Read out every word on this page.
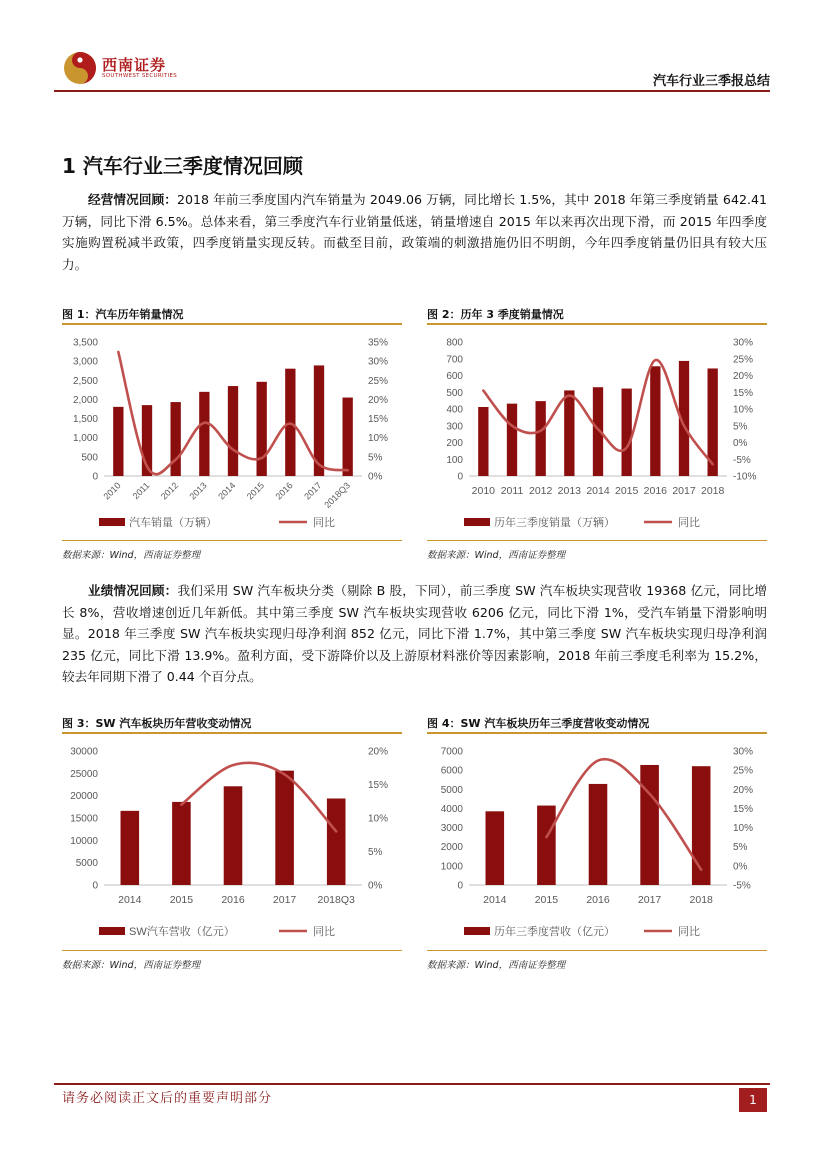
西南证券
SOUTHWEST SECURITIES	汽车行业三季报总结
1 汽车行业三季度情况回顾
经营情况回顾：2018 年前三季度国内汽车销量为 2049.06 万辆，同比增长 1.5%，其中 2018 年第三季度销量 642.41 万辆，同比下滑 6.5%。总体来看，第三季度汽车行业销量低迷，销量增速自 2015 年以来再次出现下滑，而 2015 年四季度实施购置税减半政策，四季度销量实现反转。而截至目前，政策端的刺激措施仍旧不明朗，今年四季度销量仍旧具有较大压力。
图 1：汽车历年销量情况
0
500
1,000
1,500
2,000
2,500
3,000
3,500
0%
5%
10%
15%
20%
25%
30%
35%
2010 2011 2012 2013 2014 2015 2016 2017
2018Q3
汽车销量（万辆）	同比
数据来源：Wind，西南证券整理
图 2：历年 3 季度销量情况
0
100
200
300
400
500
600
700
800
-10%
-5%
0%
5%
10%
15%
20%
25%
30%
2010 2011 2012 2013 2014 2015 2016 2017 2018
历年三季度销量（万辆）	同比
数据来源：Wind，西南证券整理
业绩情况回顾：我们采用 SW 汽车板块分类（剔除 B 股，下同），前三季度 SW 汽车板块实现营收 19368 亿元，同比增长 8%，营收增速创近几年新低。其中第三季度 SW 汽车板块实现营收 6206 亿元，同比下滑 1%，受汽车销量下滑影响明显。2018 年三季度 SW 汽车板块实现归母净利润 852 亿元，同比下滑 1.7%，其中第三季度 SW 汽车板块实现归母净利润 235 亿元，同比下滑 13.9%。盈利方面，受下游降价以及上游原材料涨价等因素影响，2018 年前三季度毛利率为 15.2%，较去年同期下滑了 0.44 个百分点。
图 3：SW 汽车板块历年营收变动情况
0
5000
10000
15000
20000
25000
30000
0%
5%
10%
15%
20%
2014	2015	2016	2017 2018Q3
SW汽车营收（亿元）	同比
数据来源：Wind，西南证券整理
图 4：SW 汽车板块历年三季度营收变动情况
0
1000
2000
3000
4000
5000
6000
7000
-5%
0%
5%
10%
15%
20%
25%
30%
2014	2015	2016	2017	2018
历年三季度营收（亿元）	同比
数据来源：Wind，西南证券整理
请务必阅读正文后的重要声明部分	1
